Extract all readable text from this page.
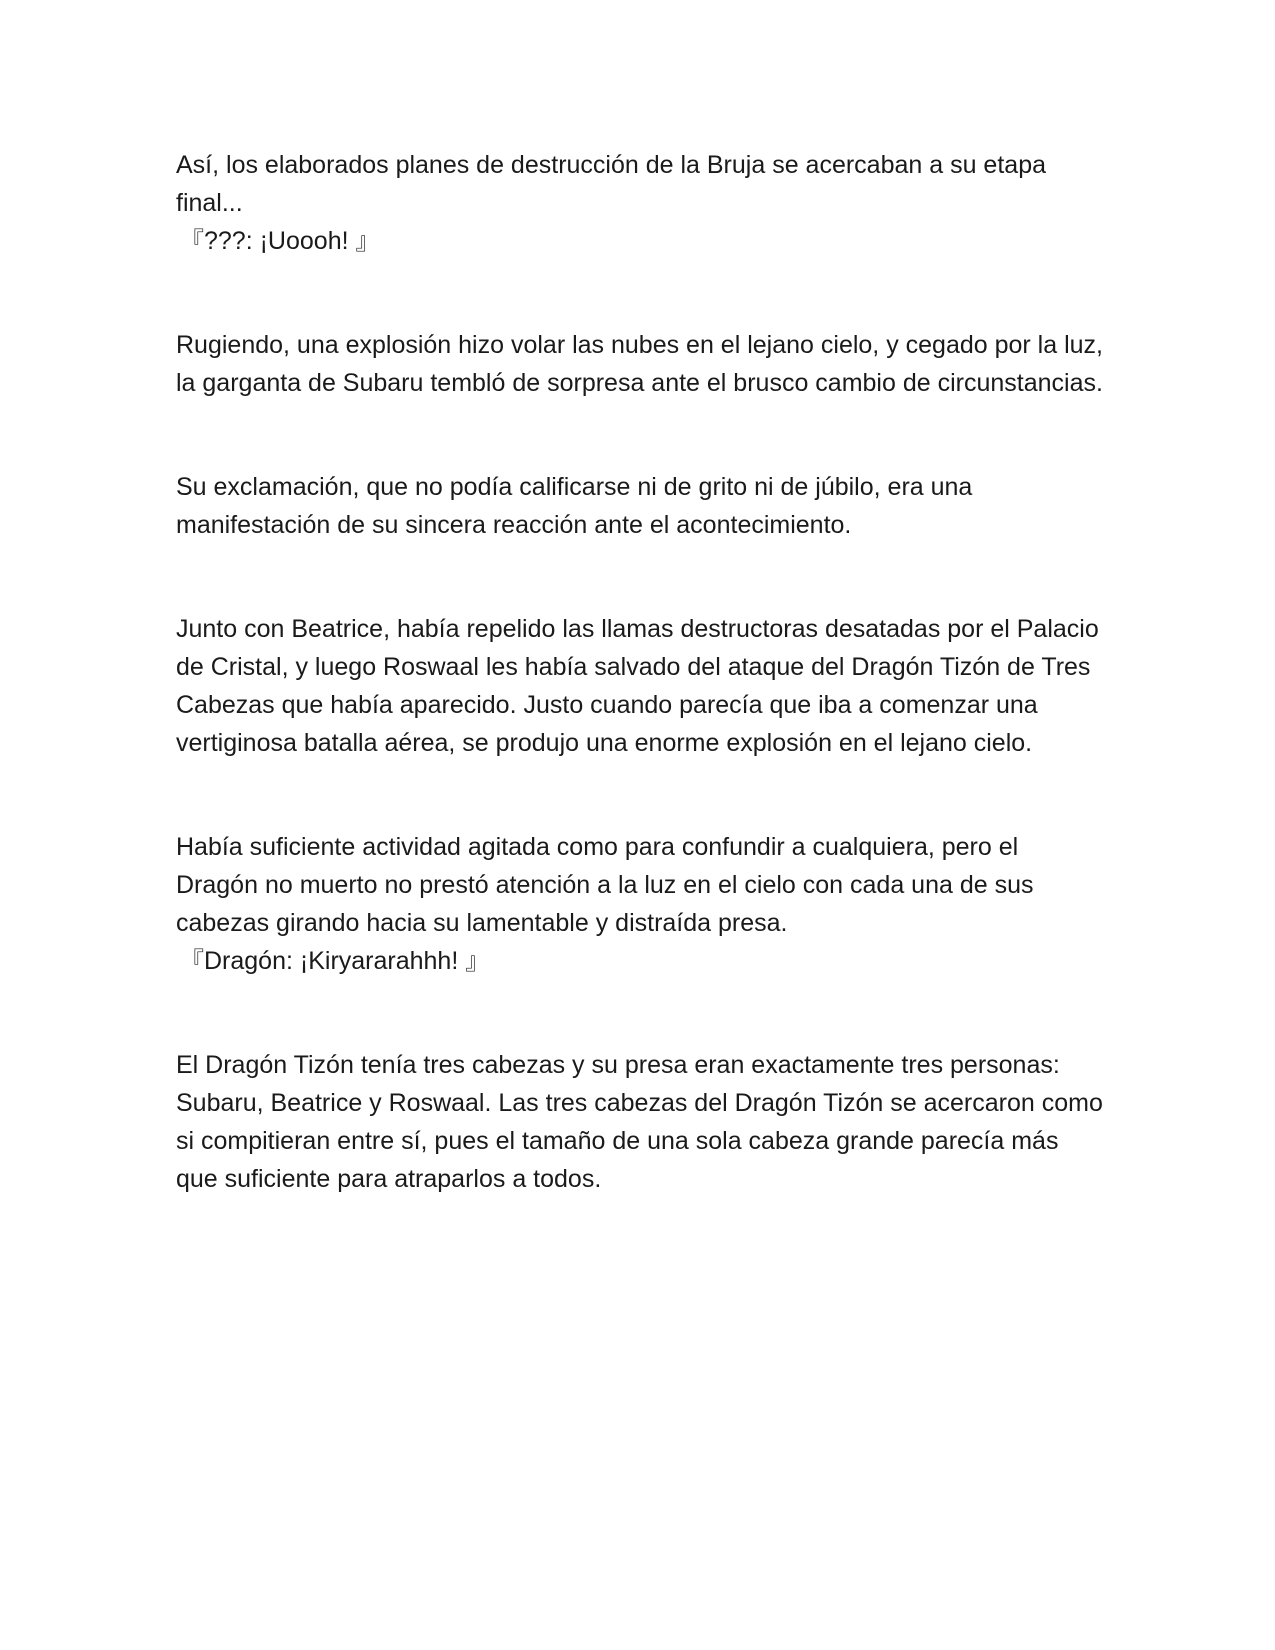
Así, los elaborados planes de destrucción de la Bruja se acercaban a su etapa final...

『???: ¡Uoooh! 』

Rugiendo, una explosión hizo volar las nubes en el lejano cielo, y cegado por la luz, la garganta de Subaru tembló de sorpresa ante el brusco cambio de circunstancias.

Su exclamación, que no podía calificarse ni de grito ni de júbilo, era una manifestación de su sincera reacción ante el acontecimiento.

Junto con Beatrice, había repelido las llamas destructoras desatadas por el Palacio de Cristal, y luego Roswaal les había salvado del ataque del Dragón Tizón de Tres Cabezas que había aparecido. Justo cuando parecía que iba a comenzar una vertiginosa batalla aérea, se produjo una enorme explosión en el lejano cielo.

Había suficiente actividad agitada como para confundir a cualquiera, pero el Dragón no muerto no prestó atención a la luz en el cielo con cada una de sus cabezas girando hacia su lamentable y distraída presa.

『Dragón: ¡Kiryararahhh! 』

El Dragón Tizón tenía tres cabezas y su presa eran exactamente tres personas: Subaru, Beatrice y Roswaal. Las tres cabezas del Dragón Tizón se acercaron como si compitieran entre sí, pues el tamaño de una sola cabeza grande parecía más que suficiente para atraparlos a todos.
